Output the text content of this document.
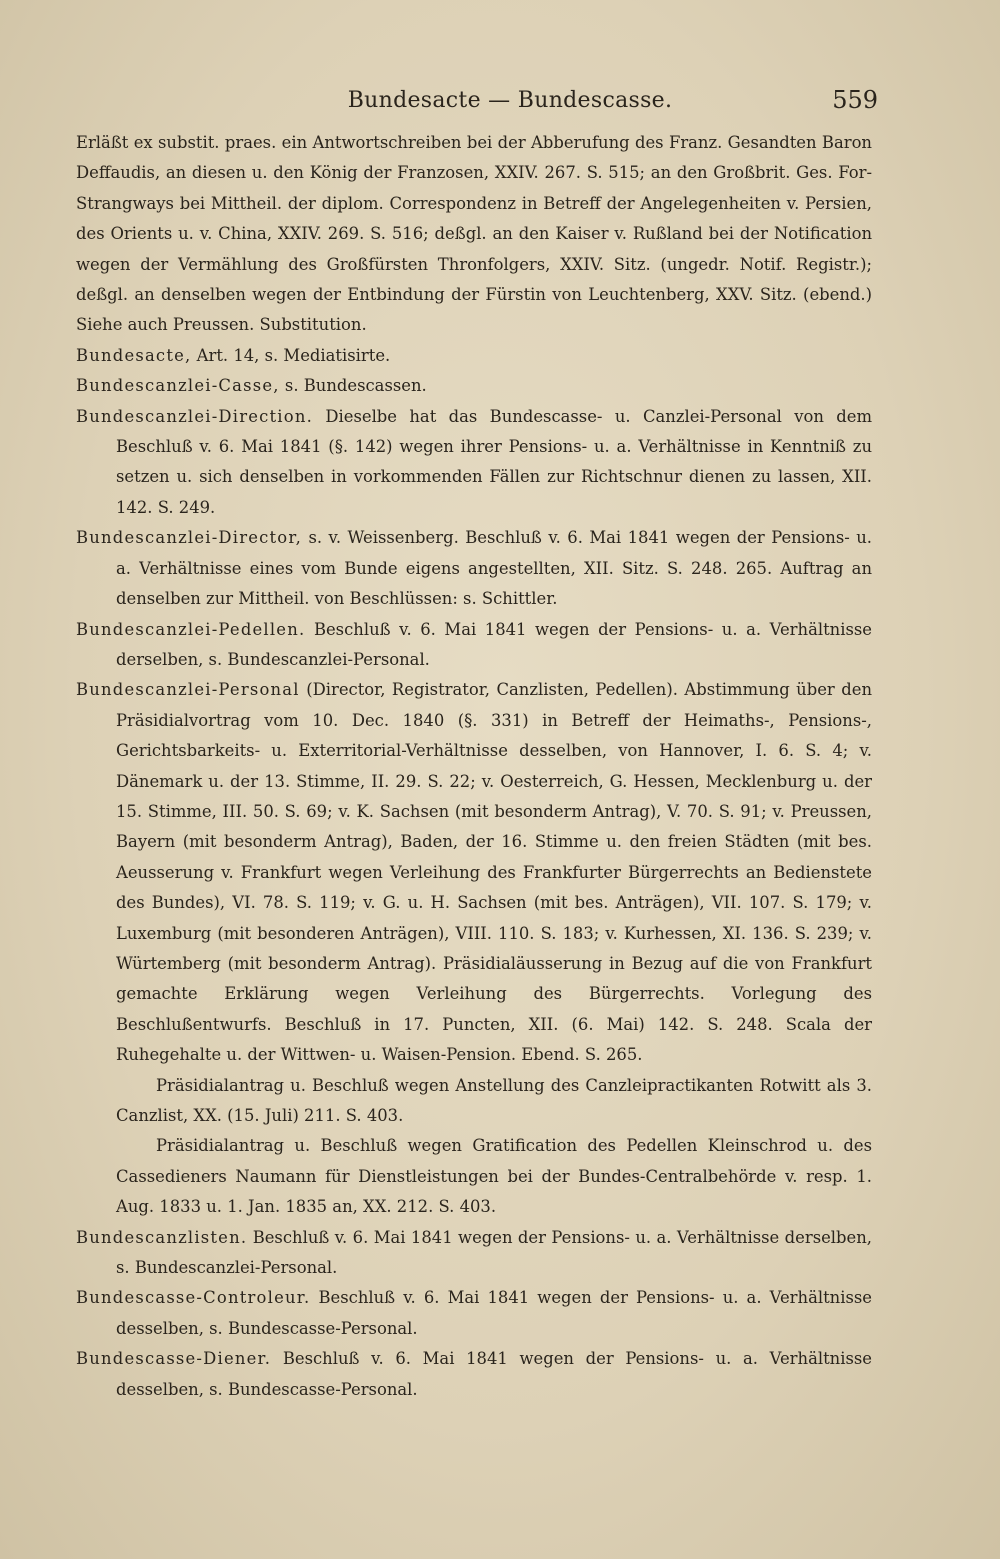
Bundesacte — Bundescasse.	559

Erläßt ex substit. praes. ein Antwortschreiben bei der Abberufung des Franz. Gesandten Baron Deffaudis, an diesen u. den König der Franzosen, XXIV. 267. S. 515; an den Großbrit. Ges. For-Strangways bei Mittheil. der diplom. Correspondenz in Betreff der Angelegenheiten v. Persien, des Orients u. v. China, XXIV. 269. S. 516; deßgl. an den Kaiser v. Rußland bei der Notification wegen der Vermählung des Großfürsten Thronfolgers, XXIV. Sitz. (ungedr. Notif. Registr.); deßgl. an denselben wegen der Entbindung der Fürstin von Leuchtenberg, XXV. Sitz. (ebend.) Siehe auch Preussen. Substitution.

Bundesacte, Art. 14, s. Mediatisirte.

Bundescanzlei-Casse, s. Bundescassen.

Bundescanzlei-Direction. Dieselbe hat das Bundescasse- u. Canzlei-Personal von dem Beschluß v. 6. Mai 1841 (§. 142) wegen ihrer Pensions- u. a. Verhältnisse in Kenntniß zu setzen u. sich denselben in vorkommenden Fällen zur Richtschnur dienen zu lassen, XII. 142. S. 249.

Bundescanzlei-Director, s. v. Weissenberg. Beschluß v. 6. Mai 1841 wegen der Pensions- u. a. Verhältnisse eines vom Bunde eigens angestellten, XII. Sitz. S. 248. 265. Auftrag an denselben zur Mittheil. von Beschlüssen: s. Schittler.

Bundescanzlei-Pedellen. Beschluß v. 6. Mai 1841 wegen der Pensions- u. a. Verhältnisse derselben, s. Bundescanzlei-Personal.

Bundescanzlei-Personal (Director, Registrator, Canzlisten, Pedellen). Abstimmung über den Präsidialvortrag vom 10. Dec. 1840 (§. 331) in Betreff der Heimaths-, Pensions-, Gerichtsbarkeits- u. Exterritorial-Verhältnisse desselben, von Hannover, I. 6. S. 4; v. Dänemark u. der 13. Stimme, II. 29. S. 22; v. Oesterreich, G. Hessen, Mecklenburg u. der 15. Stimme, III. 50. S. 69; v. K. Sachsen (mit besonderm Antrag), V. 70. S. 91; v. Preussen, Bayern (mit besonderm Antrag), Baden, der 16. Stimme u. den freien Städten (mit bes. Aeusserung v. Frankfurt wegen Verleihung des Frankfurter Bürgerrechts an Bedienstete des Bundes), VI. 78. S. 119; v. G. u. H. Sachsen (mit bes. Anträgen), VII. 107. S. 179; v. Luxemburg (mit besonderen Anträgen), VIII. 110. S. 183; v. Kurhessen, XI. 136. S. 239; v. Würtemberg (mit besonderm Antrag). Präsidialäusserung in Bezug auf die von Frankfurt gemachte Erklärung wegen Verleihung des Bürgerrechts. Vorlegung des Beschlußentwurfs. Beschluß in 17. Puncten, XII. (6. Mai) 142. S. 248. Scala der Ruhegehalte u. der Wittwen- u. Waisen-Pension. Ebend. S. 265.

Präsidialantrag u. Beschluß wegen Anstellung des Canzleipractikanten Rotwitt als 3. Canzlist, XX. (15. Juli) 211. S. 403.

Präsidialantrag u. Beschluß wegen Gratification des Pedellen Kleinschrod u. des Cassedieners Naumann für Dienstleistungen bei der Bundes-Centralbehörde v. resp. 1. Aug. 1833 u. 1. Jan. 1835 an, XX. 212. S. 403.

Bundescanzlisten. Beschluß v. 6. Mai 1841 wegen der Pensions- u. a. Verhältnisse derselben, s. Bundescanzlei-Personal.

Bundescasse-Controleur. Beschluß v. 6. Mai 1841 wegen der Pensions- u. a. Verhältnisse desselben, s. Bundescasse-Personal.

Bundescasse-Diener. Beschluß v. 6. Mai 1841 wegen der Pensions- u. a. Verhältnisse desselben, s. Bundescasse-Personal.
